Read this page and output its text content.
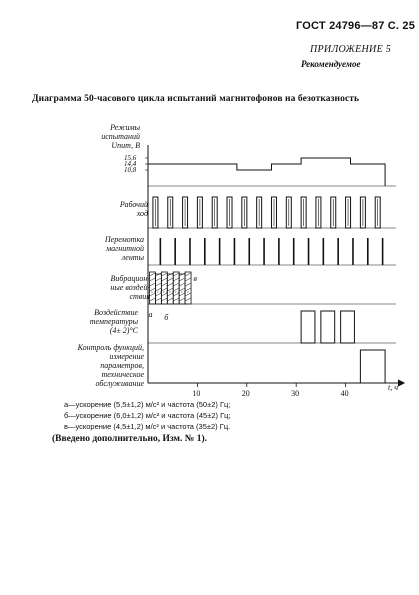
ГОСТ 24796—87 С. 25
ПРИЛОЖЕНИЕ 5
Рекомендуемое
Диаграмма 50-часового цикла испытаний магнитофонов на безотказность
Режимы
испытаний
Uпит, В
Рабочий
ход
Перемотка
магнитной
ленты
Вибрацион-
ные воздей-
ствия
Воздействие
температуры
(4± 2)°C
Контроль функций,
измерение
параметров,
техническое
обслуживание
15,6
14,4
10,8
а б
в
10	20	30	40
t, ч
а—ускорение (5,5±1,2) м/с² и частота (50±2) Гц;
б—ускорение (6,0±1,2) м/с² и частота (45±2) Гц;
в—ускорение (4,5±1,2) м/с² и частота (35±2) Гц.
(Введено дополнительно, Изм. № 1).
